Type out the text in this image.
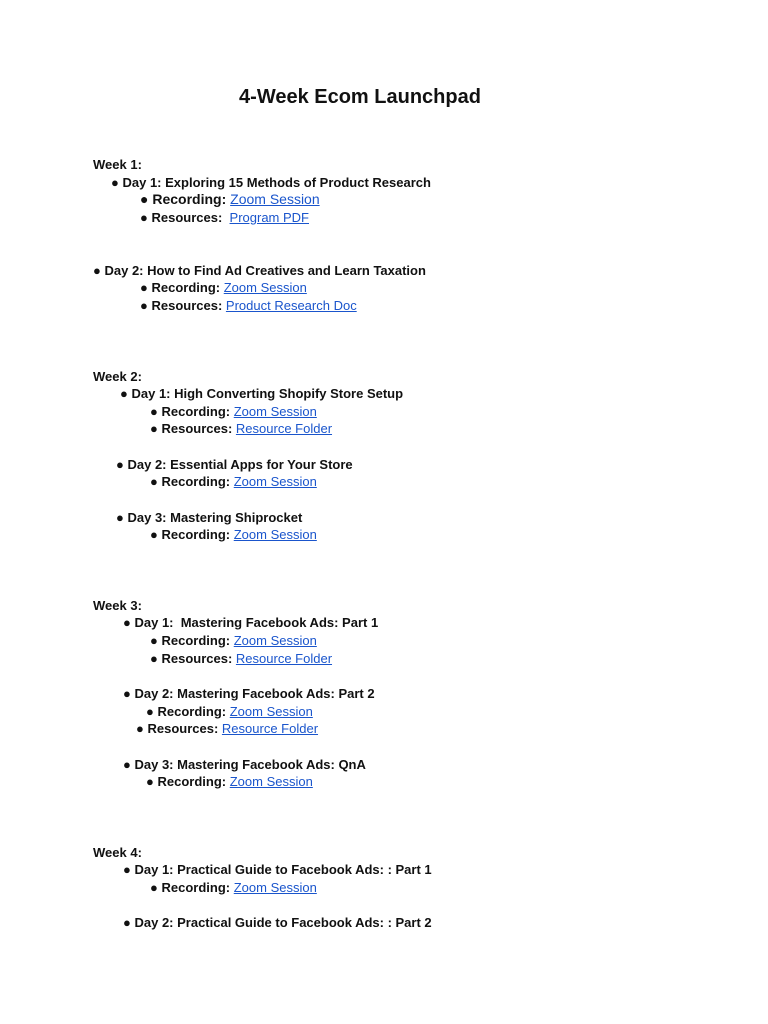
4-Week Ecom Launchpad
Week 1:
● Day 1: Exploring 15 Methods of Product Research
● Recording: Zoom Session
● Resources: Program PDF
● Day 2: How to Find Ad Creatives and Learn Taxation
● Recording: Zoom Session
● Resources: Product Research Doc
Week 2:
● Day 1: High Converting Shopify Store Setup
● Recording: Zoom Session
● Resources: Resource Folder
● Day 2: Essential Apps for Your Store
● Recording: Zoom Session
● Day 3: Mastering Shiprocket
● Recording: Zoom Session
Week 3:
● Day 1:  Mastering Facebook Ads: Part 1
● Recording: Zoom Session
● Resources: Resource Folder
● Day 2: Mastering Facebook Ads: Part 2
● Recording: Zoom Session
● Resources: Resource Folder
● Day 3: Mastering Facebook Ads: QnA
● Recording: Zoom Session
Week 4:
● Day 1: Practical Guide to Facebook Ads: : Part 1
● Recording: Zoom Session
● Day 2: Practical Guide to Facebook Ads: : Part 2
